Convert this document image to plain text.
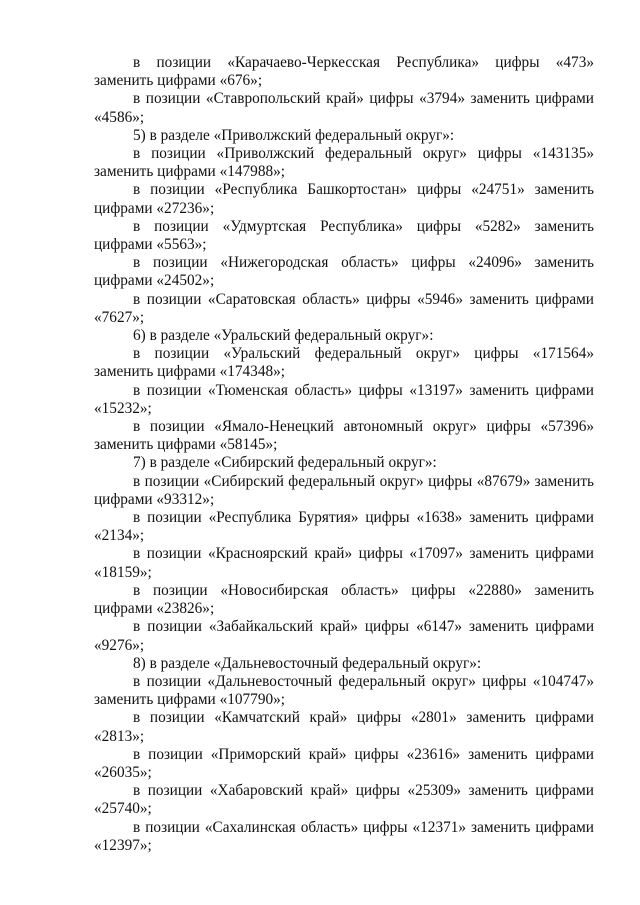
в позиции «Карачаево-Черкесская Республика» цифры «473» заменить цифрами «676»;

в позиции «Ставропольский край» цифры «3794» заменить цифрами «4586»;

5) в разделе «Приволжский федеральный округ»:

в позиции «Приволжский федеральный округ» цифры «143135» заменить цифрами «147988»;

в позиции «Республика Башкортостан» цифры «24751» заменить цифрами «27236»;

в позиции «Удмуртская Республика» цифры «5282» заменить цифрами «5563»;

в позиции «Нижегородская область» цифры «24096» заменить цифрами «24502»;

в позиции «Саратовская область» цифры «5946» заменить цифрами «7627»;

6) в разделе «Уральский федеральный округ»:

в позиции «Уральский федеральный округ» цифры «171564» заменить цифрами «174348»;

в позиции «Тюменская область» цифры «13197» заменить цифрами «15232»;

в позиции «Ямало-Ненецкий автономный округ» цифры «57396» заменить цифрами «58145»;

7) в разделе «Сибирский федеральный округ»:

в позиции «Сибирский федеральный округ» цифры «87679» заменить цифрами «93312»;

в позиции «Республика Бурятия» цифры «1638» заменить цифрами «2134»;

в позиции «Красноярский край» цифры «17097» заменить цифрами «18159»;

в позиции «Новосибирская область» цифры «22880» заменить цифрами «23826»;

в позиции «Забайкальский край» цифры «6147» заменить цифрами «9276»;

8) в разделе «Дальневосточный федеральный округ»:

в позиции «Дальневосточный федеральный округ» цифры «104747» заменить цифрами «107790»;

в позиции «Камчатский край» цифры «2801» заменить цифрами «2813»;

в позиции «Приморский край» цифры «23616» заменить цифрами «26035»;

в позиции «Хабаровский край» цифры «25309» заменить цифрами «25740»;

в позиции «Сахалинская область» цифры «12371» заменить цифрами «12397»;
